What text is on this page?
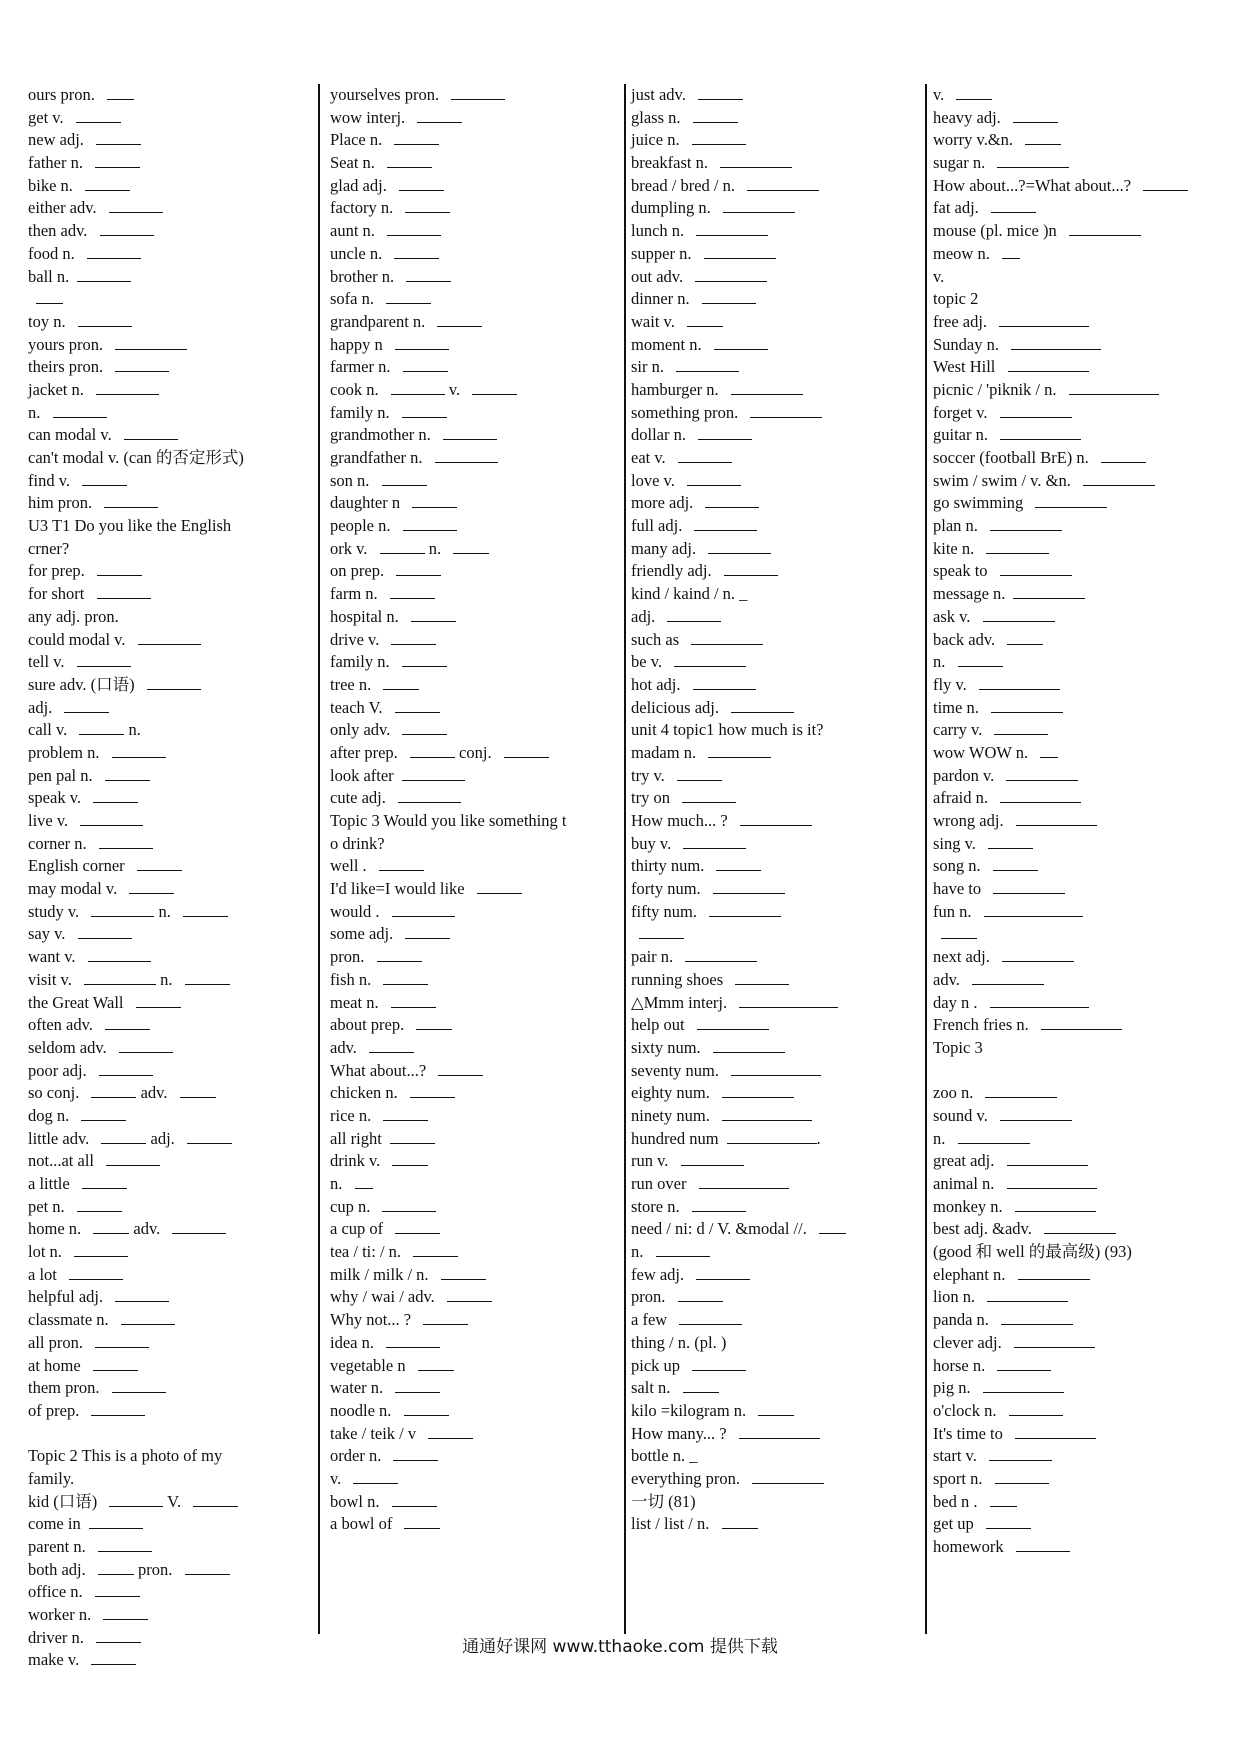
ours pron.
get v.
new adj.
father n.
bike n.
either adv.
then adv.
food n.
ball n.
toy n.
yours pron.
theirs pron.
jacket n.
n.
can modal v.
can't modal v. (can 的否定形式)
find v.
him pron.
U3 T1 Do you like the English
crner?
for prep.
for short
any adj. pron.
could modal v.
tell v.
sure adv. (口语)
adj.
call v.	n.
problem n.
pen pal n.
speak v.
live v.
corner n.
English corner
may modal v.
study v.	n.
say v.
want v.
visit v.	n.
the Great Wall
often adv.
seldom adv.
poor adj.
so conj.	adv.
dog n.
little adv.	adj.
not...at all
a little
pet n.
home n.	adv.
lot n.
a lot
helpful adj.
classmate n.
all pron.
at home
them pron.
of prep.
Topic 2 This is a photo of my
family.
kid (口语)	V.
come in
parent n.
both adj.	pron.
office n.
worker n.
driver n.
make v.
yourselves pron.
wow interj.
Place n.
Seat n.
glad adj.
factory n.
aunt n.
uncle n.
brother n.
sofa n.
grandparent n.
happy n
farmer n.
cook n.	v.
family n.
grandmother n.
grandfather n.
son n.
daughter n
people n.
ork v.	n.
on prep.
farm n.
hospital n.
drive v.
family n.
tree n.
teach V.
only adv.
after prep.	conj.
look after
cute adj.
Topic 3 Would you like something t
o drink?
well .
I'd like=I would like
would .
some adj.
pron.
fish n.
meat n.
about prep.
adv.
What about...?
chicken n.
rice n.
all right
drink v.
n.
cup n.
a cup of
tea / ti: / n.
milk / milk / n.
why / wai / adv.
Why not... ?
idea n.
vegetable n
water n.
noodle n.
take / teik / v
order n.
v.
bowl n.
a bowl of
just adv.
glass n.
juice n.
breakfast n.
bread / bred / n.
dumpling n.
lunch n.
supper n.
out adv.
dinner n.
wait v.
moment n.
sir n.
hamburger n.
something pron.
dollar n.
eat v.
love v.
more adj.
full adj.
many adj.
friendly adj.
kind / kaind / n. _
adj.
such as
be v.
hot adj.
delicious adj.
unit 4 topic1 how much is it?
madam n.
try v.
try on
How much... ?
buy v.
thirty num.
forty num.
fifty num.
pair n.
running shoes
△Mmm interj.
help out
sixty num.
seventy num.
eighty num.
ninety num.
hundred num	.
run v.
run over
store n.
need / ni: d / V. &modal //.
n.
few adj.
pron.
a few
thing / n. (pl. )
pick up
salt n.
kilo =kilogram n.
How many... ?
bottle n. _
everything pron.
一切 (81)
list / list / n.
v.
heavy adj.
worry v.&n.
sugar n.
How about...?=What about...?
fat adj.
mouse (pl. mice )n
meow n.
v.
topic 2
free adj.
Sunday n.
West Hill
picnic / 'piknik / n.
forget v.
guitar n.
soccer (football BrE) n.
swim / swim / v. &n.
go swimming
plan n.
kite n.
speak to
message n.
ask v.
back adv.
n.
fly v.
time n.
carry v.
wow WOW n.
pardon v.
afraid n.
wrong adj.
sing v.
song n.
have to
fun n.
next adj.
adv.
day n .
French fries n.
Topic 3
zoo n.
sound v.
n.
great adj.
animal n.
monkey n.
best adj. &adv.
(good 和 well 的最高级) (93)
elephant n.
lion n.
panda n.
clever adj.
horse n.
pig n.
o'clock n.
It's time to
start v.
sport n.
bed n .
get up
homework
通通好课网 www.tthaoke.com 提供下载
